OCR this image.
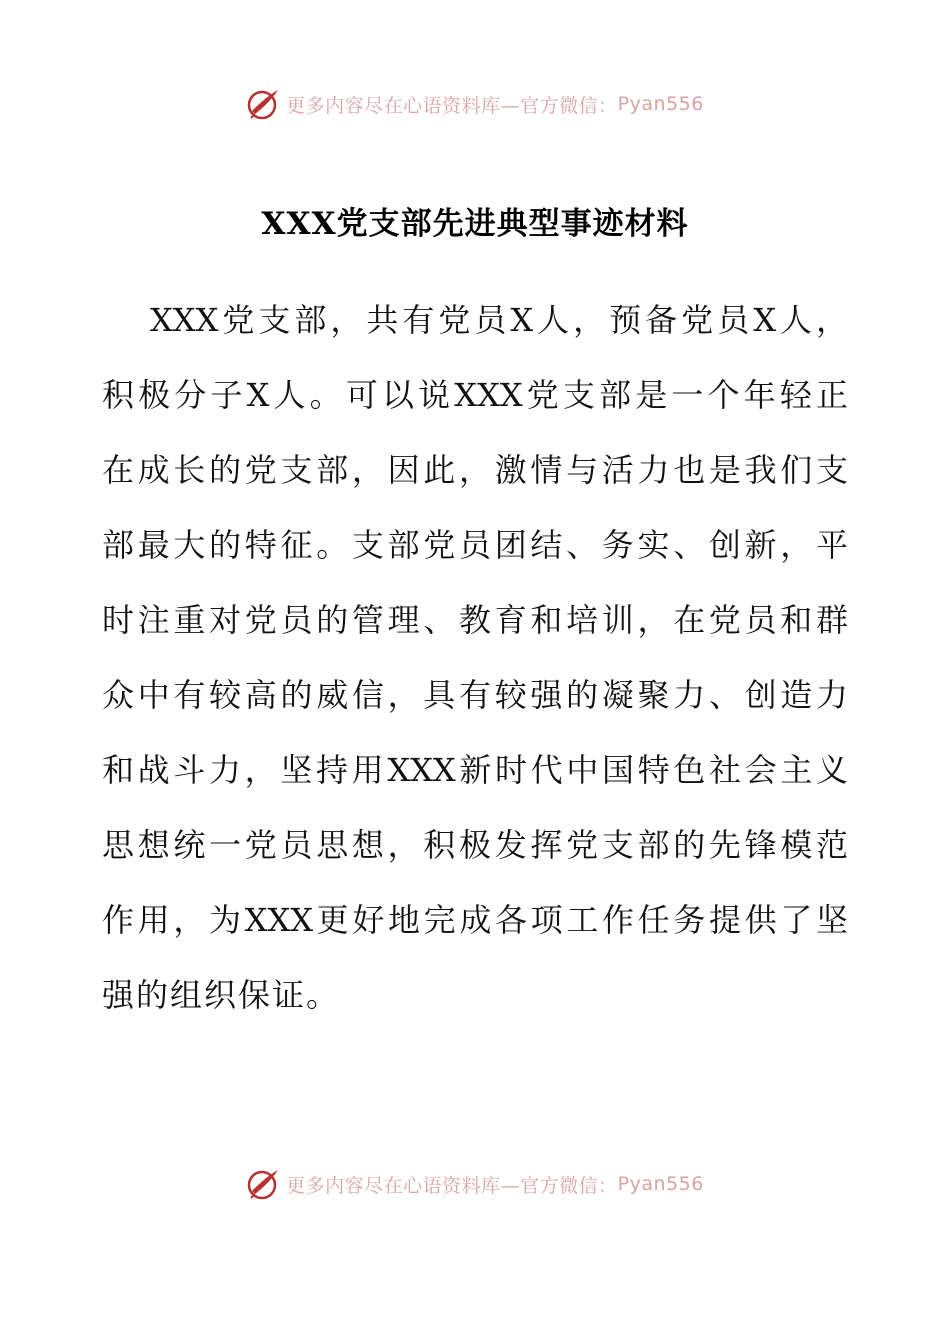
更多内容尽在心语资料库—官方微信： Pyan556
XXX党支部先进典型事迹材料
XXX党支部，共有党员X人，预备党员X人，
积极分子X人。可以说XXX党支部是一个年轻正
在成长的党支部，因此，激情与活力也是我们支
部最大的特征。支部党员团结、务实、创新，平
时注重对党员的管理、教育和培训，在党员和群
众中有较高的威信，具有较强的凝聚力、创造力
和战斗力，坚持用XXX新时代中国特色社会主义
思想统一党员思想，积极发挥党支部的先锋模范
作用，为XXX更好地完成各项工作任务提供了坚
强的组织保证。
更多内容尽在心语资料库—官方微信： Pyan556
